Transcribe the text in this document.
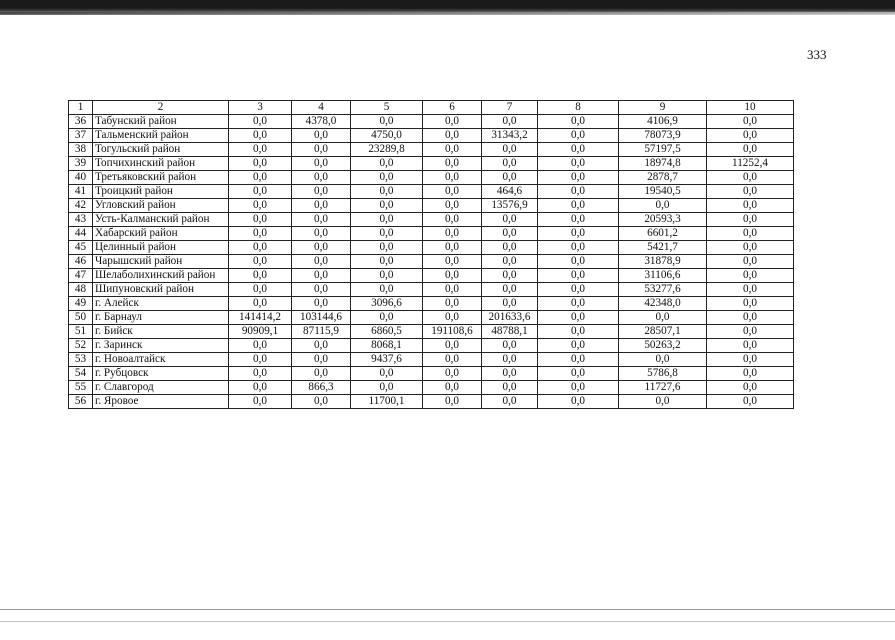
333
1	2	3	4	5	6	7	8	9	10
36	Табунский район	0,0	4378,0	0,0	0,0	0,0	0,0	4106,9	0,0
37	Тальменский район	0,0	0,0	4750,0	0,0	31343,2	0,0	78073,9	0,0
38	Тогульский район	0,0	0,0	23289,8	0,0	0,0	0,0	57197,5	0,0
39	Топчихинский район	0,0	0,0	0,0	0,0	0,0	0,0	18974,8	11252,4
40	Третьяковский район	0,0	0,0	0,0	0,0	0,0	0,0	2878,7	0,0
41	Троицкий район	0,0	0,0	0,0	0,0	464,6	0,0	19540,5	0,0
42	Угловский район	0,0	0,0	0,0	0,0	13576,9	0,0	0,0	0,0
43	Усть-Калманский район	0,0	0,0	0,0	0,0	0,0	0,0	20593,3	0,0
44	Хабарский район	0,0	0,0	0,0	0,0	0,0	0,0	6601,2	0,0
45	Целинный район	0,0	0,0	0,0	0,0	0,0	0,0	5421,7	0,0
46	Чарышский район	0,0	0,0	0,0	0,0	0,0	0,0	31878,9	0,0
47	Шелаболихинский район	0,0	0,0	0,0	0,0	0,0	0,0	31106,6	0,0
48	Шипуновский район	0,0	0,0	0,0	0,0	0,0	0,0	53277,6	0,0
49	г. Алейск	0,0	0,0	3096,6	0,0	0,0	0,0	42348,0	0,0
50	г. Барнаул	141414,2	103144,6	0,0	0,0	201633,6	0,0	0,0	0,0
51	г. Бийск	90909,1	87115,9	6860,5	191108,6	48788,1	0,0	28507,1	0,0
52	г. Заринск	0,0	0,0	8068,1	0,0	0,0	0,0	50263,2	0,0
53	г. Новоалтайск	0,0	0,0	9437,6	0,0	0,0	0,0	0,0	0,0
54	г. Рубцовск	0,0	0,0	0,0	0,0	0,0	0,0	5786,8	0,0
55	г. Славгород	0,0	866,3	0,0	0,0	0,0	0,0	11727,6	0,0
56	г. Яровое	0,0	0,0	11700,1	0,0	0,0	0,0	0,0	0,0
